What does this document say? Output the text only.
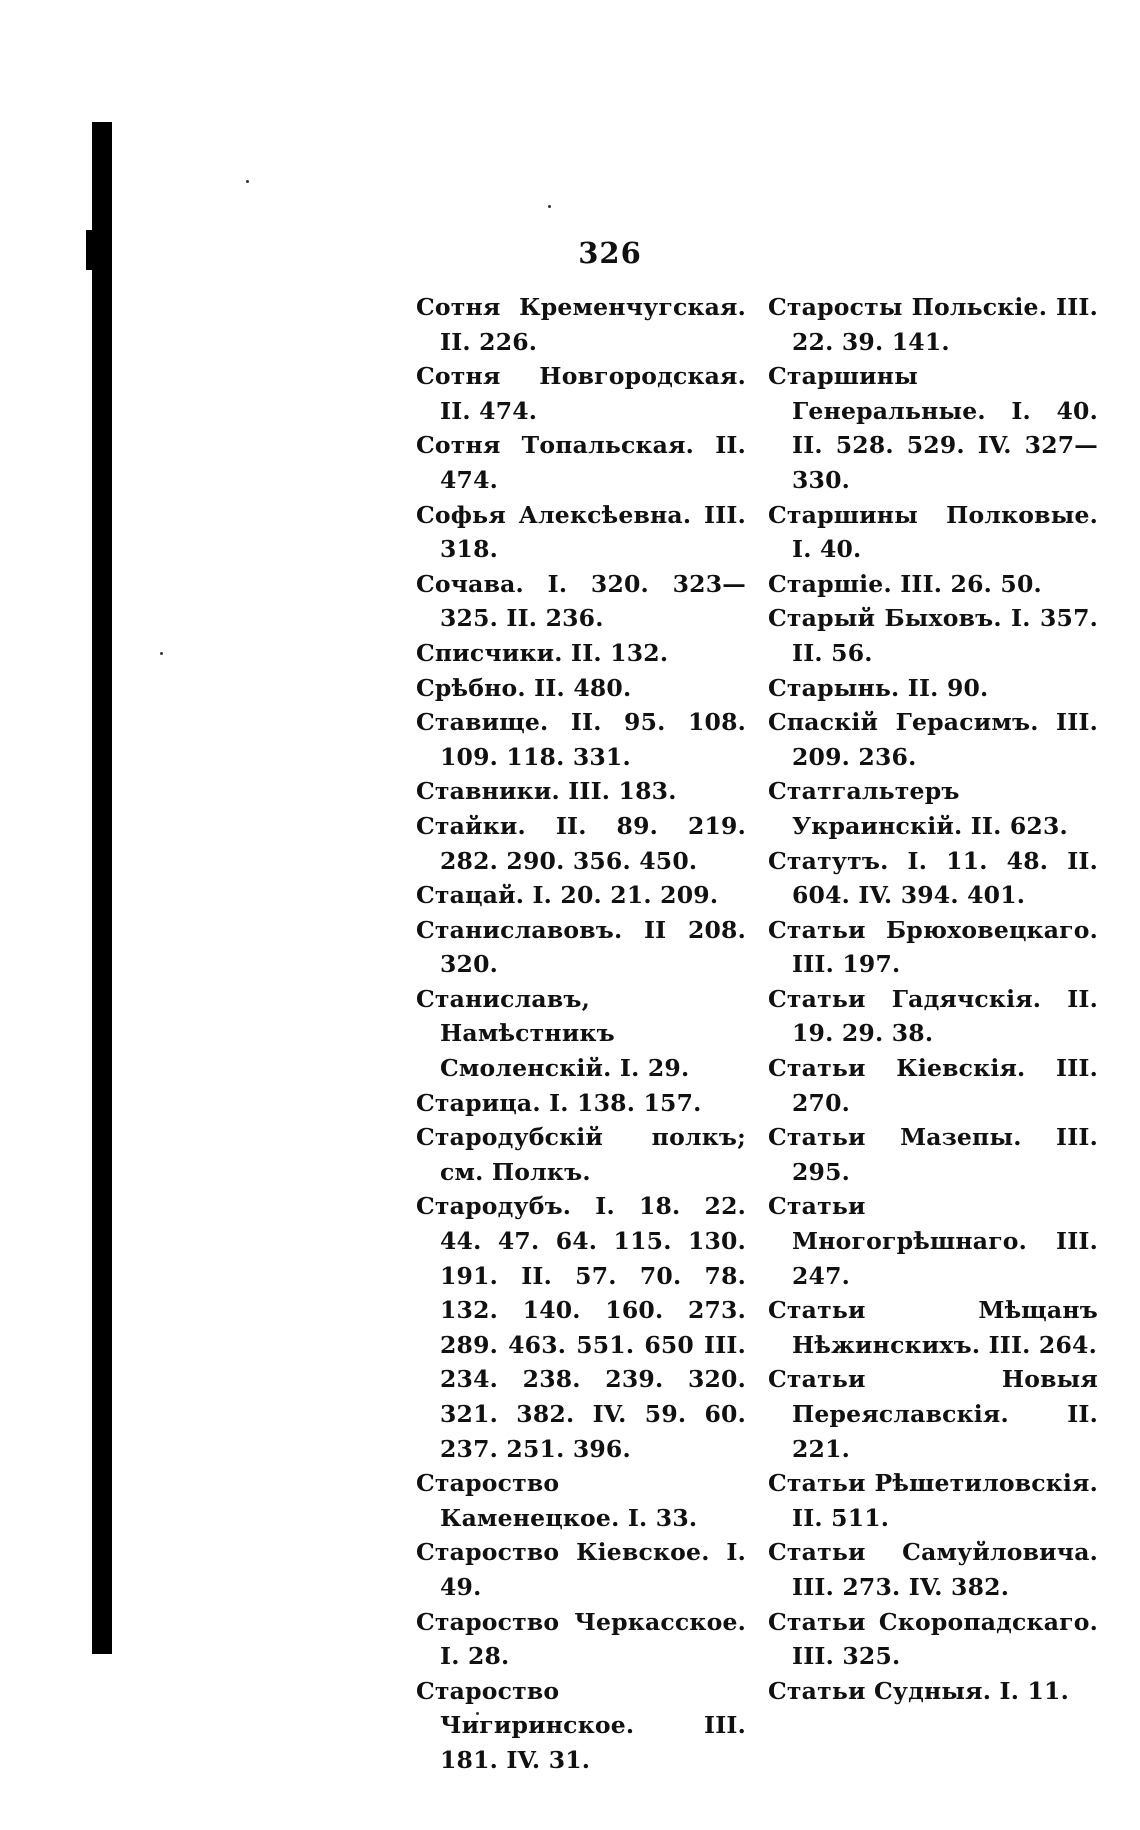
326
Сотня Кременчугская. II. 226.
Сотня Новгородская. II. 474.
Сотня Топальская. II. 474.
Софья Алексѣевна. III. 318.
Сочава. I. 320. 323—325. II. 236.
Списчики. II. 132.
Срѣбно. II. 480.
Ставище. II. 95. 108. 109. 118. 331.
Ставники. III. 183.
Стайки. II. 89. 219. 282. 290. 356. 450.
Стацай. I. 20. 21. 209.
Станиславовъ. II 208. 320.
Станиславъ, Намѣстникъ Смоленскій. I. 29.
Старица. I. 138. 157.
Стародубскій полкъ; см. Полкъ.
Стародубъ. I. 18. 22. 44. 47. 64. 115. 130. 191. II. 57. 70. 78. 132. 140. 160. 273. 289. 463. 551. 650 III. 234. 238. 239. 320. 321. 382. IV. 59. 60. 237. 251. 396.
Староство Каменецкое. I. 33.
Староство Кіевское. I. 49.
Староство Черкасское. I. 28.
Староство Чигиринское. III. 181. IV. 31.
Старосты Польскіе. III. 22. 39. 141.
Старшины Генеральные. I. 40. II. 528. 529. IV. 327—330.
Старшины Полковые. I. 40.
Старшіе. III. 26. 50.
Старый Быховъ. I. 357. II. 56.
Старынь. II. 90.
Спаскій Герасимъ. III. 209. 236.
Статгальтеръ Украинскій. II. 623.
Статутъ. I. 11. 48. II. 604. IV. 394. 401.
Статьи Брюховецкаго. III. 197.
Статьи Гадячскія. II. 19. 29. 38.
Статьи Кіевскія. III. 270.
Статьи Мазепы. III. 295.
Статьи Многогрѣшнаго. III. 247.
Статьи Мѣщанъ Нѣжинскихъ. III. 264.
Статьи Новыя Переяславскія. II. 221.
Статьи Рѣшетиловскія. II. 511.
Статьи Самуйловича. III. 273. IV. 382.
Статьи Скоропадскаго. III. 325.
Статьи Судныя. I. 11.
